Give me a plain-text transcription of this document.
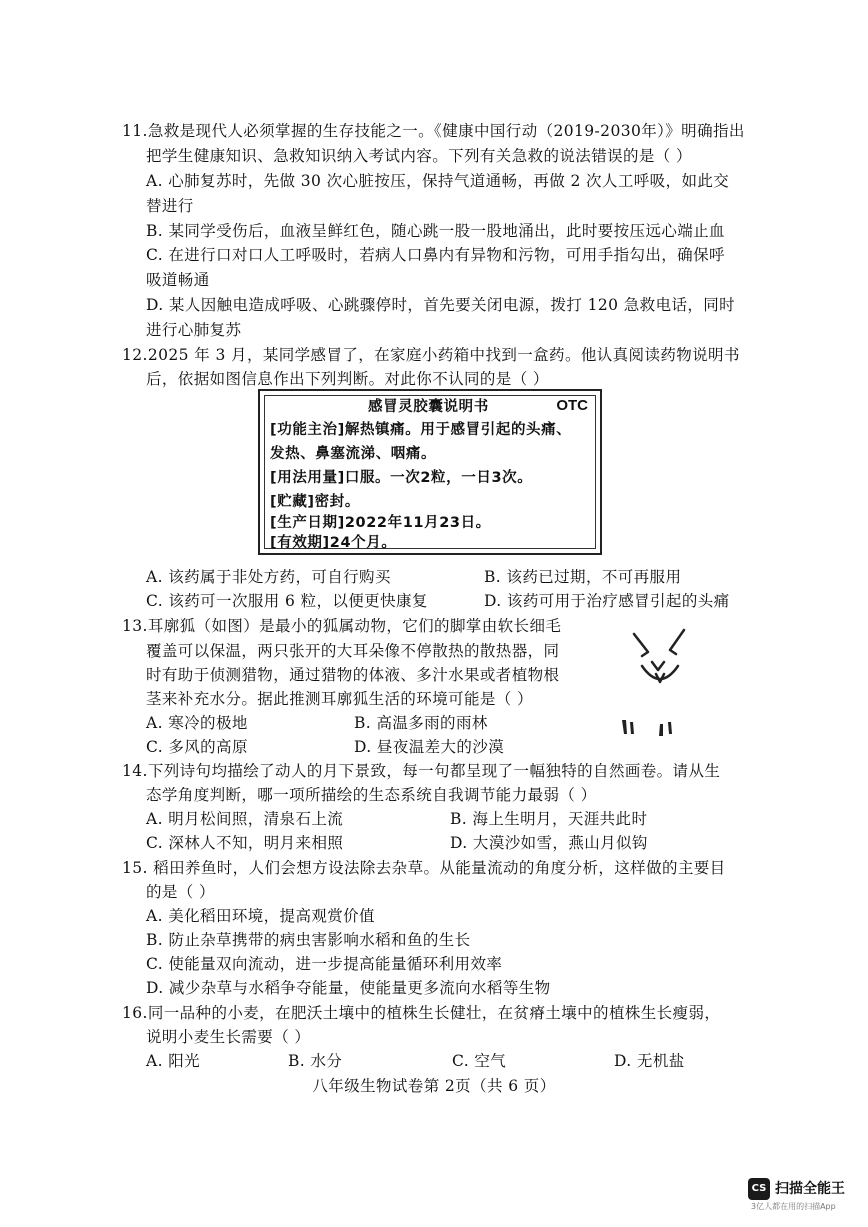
11.急救是现代人必须掌握的生存技能之一。《健康中国行动（2019-2030年）》明确指出
把学生健康知识、急救知识纳入考试内容。下列有关急救的说法错误的是（ ）
A. 心肺复苏时，先做 30 次心脏按压，保持气道通畅，再做 2 次人工呼吸，如此交
替进行
B. 某同学受伤后，血液呈鲜红色，随心跳一股一股地涌出，此时要按压远心端止血
C. 在进行口对口人工呼吸时，若病人口鼻内有异物和污物，可用手指勾出，确保呼
吸道畅通
D. 某人因触电造成呼吸、心跳骤停时，首先要关闭电源，拨打 120 急救电话，同时
进行心肺复苏
12.2025 年 3 月，某同学感冒了，在家庭小药箱中找到一盒药。他认真阅读药物说明书
后，依据如图信息作出下列判断。对此你不认同的是（ ）
感冒灵胶囊说明书	OTC
[功能主治]解热镇痛。用于感冒引起的头痛、
发热、鼻塞流涕、咽痛。
[用法用量]口服。一次2粒，一日3次。
[贮藏]密封。
[生产日期]2022年11月23日。
[有效期]24个月。
A. 该药属于非处方药，可自行购买	B. 该药已过期，不可再服用
C. 该药可一次服用 6 粒，以便更快康复	D. 该药可用于治疗感冒引起的头痛
13.耳廓狐（如图）是最小的狐属动物，它们的脚掌由软长细毛
覆盖可以保温，两只张开的大耳朵像不停散热的散热器，同
时有助于侦测猎物，通过猎物的体液、多汁水果或者植物根
茎来补充水分。据此推测耳廓狐生活的环境可能是（ ）
A. 寒冷的极地	B. 高温多雨的雨林
C. 多风的高原	D. 昼夜温差大的沙漠
14.下列诗句均描绘了动人的月下景致，每一句都呈现了一幅独特的自然画卷。请从生
态学角度判断，哪一项所描绘的生态系统自我调节能力最弱（ ）
A. 明月松间照，清泉石上流	B. 海上生明月，天涯共此时
C. 深林人不知，明月来相照	D. 大漠沙如雪，燕山月似钩
15. 稻田养鱼时，人们会想方设法除去杂草。从能量流动的角度分析，这样做的主要目
的是（ ）
A. 美化稻田环境，提高观赏价值
B. 防止杂草携带的病虫害影响水稻和鱼的生长
C. 使能量双向流动，进一步提高能量循环利用效率
D. 减少杂草与水稻争夺能量，使能量更多流向水稻等生物
16.同一品种的小麦，在肥沃土壤中的植株生长健壮，在贫瘠土壤中的植株生长瘦弱，
说明小麦生长需要（ ）
A. 阳光	B. 水分	C. 空气	D. 无机盐
八年级生物试卷第 2页（共 6 页）
CS 扫描全能王
3亿人都在用的扫描App
